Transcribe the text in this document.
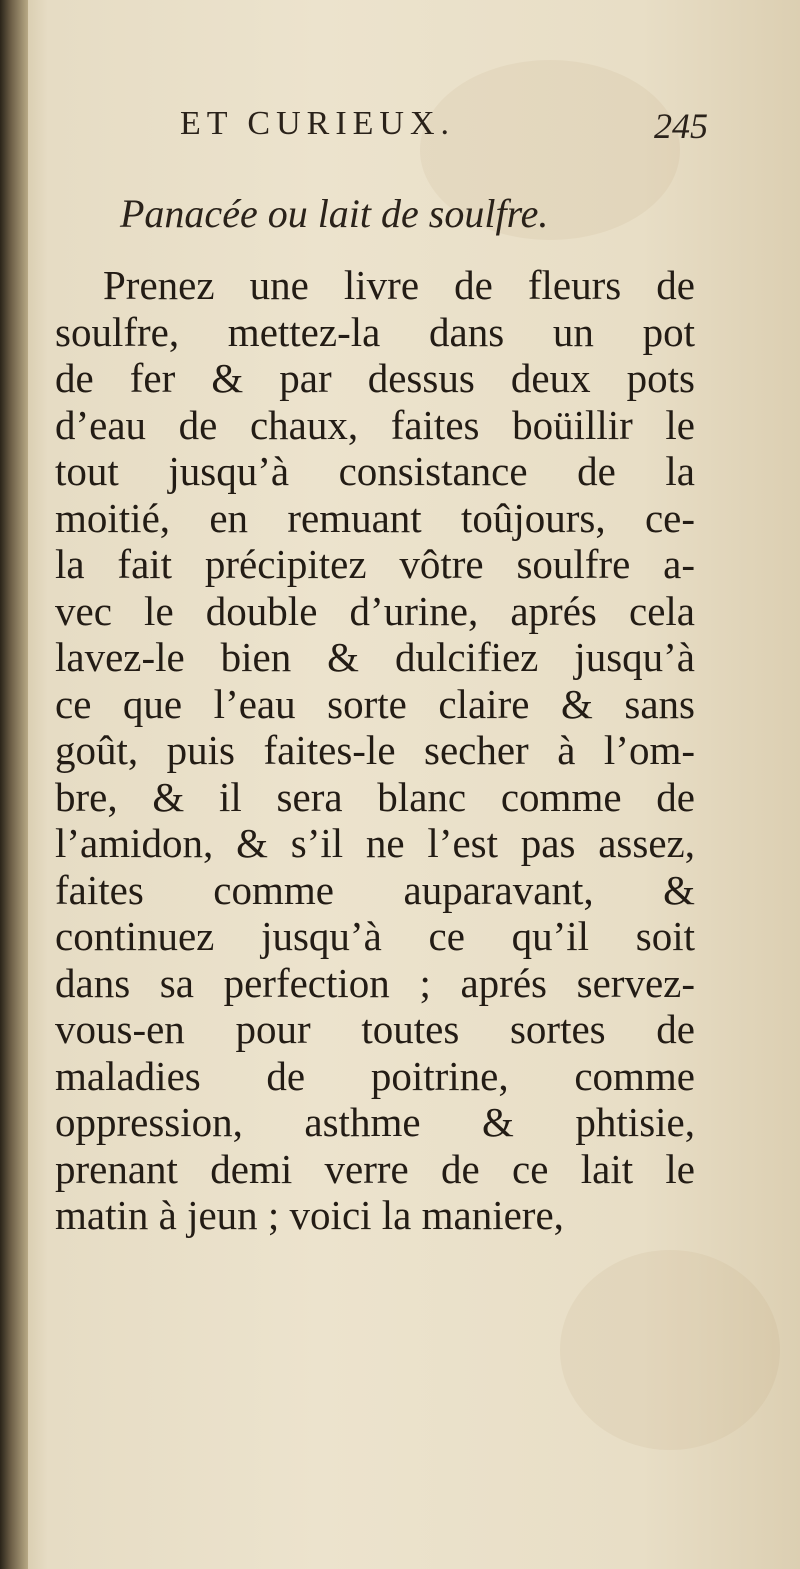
ET CURIEUX.	245
Panacée ou lait de soulfre.
Prenez une livre de fleurs de
soulfre, mettez-la dans un pot
de fer & par dessus deux pots
d’eau de chaux, faites boüillir le
tout jusqu’à consistance de la
moitié, en remuant toûjours, ce-
la fait précipitez vôtre soulfre a-
vec le double d’urine, aprés cela
lavez-le bien & dulcifiez jusqu’à
ce que l’eau sorte claire & sans
goût, puis faites-le secher à l’om-
bre, & il sera blanc comme de
l’amidon, & s’il ne l’est pas assez,
faites comme auparavant, &
continuez jusqu’à ce qu’il soit
dans sa perfection ; aprés servez-
vous-en pour toutes sortes de
maladies de poitrine, comme
oppression, asthme & phtisie,
prenant demi verre de ce lait le
matin à jeun ; voici la maniere,
